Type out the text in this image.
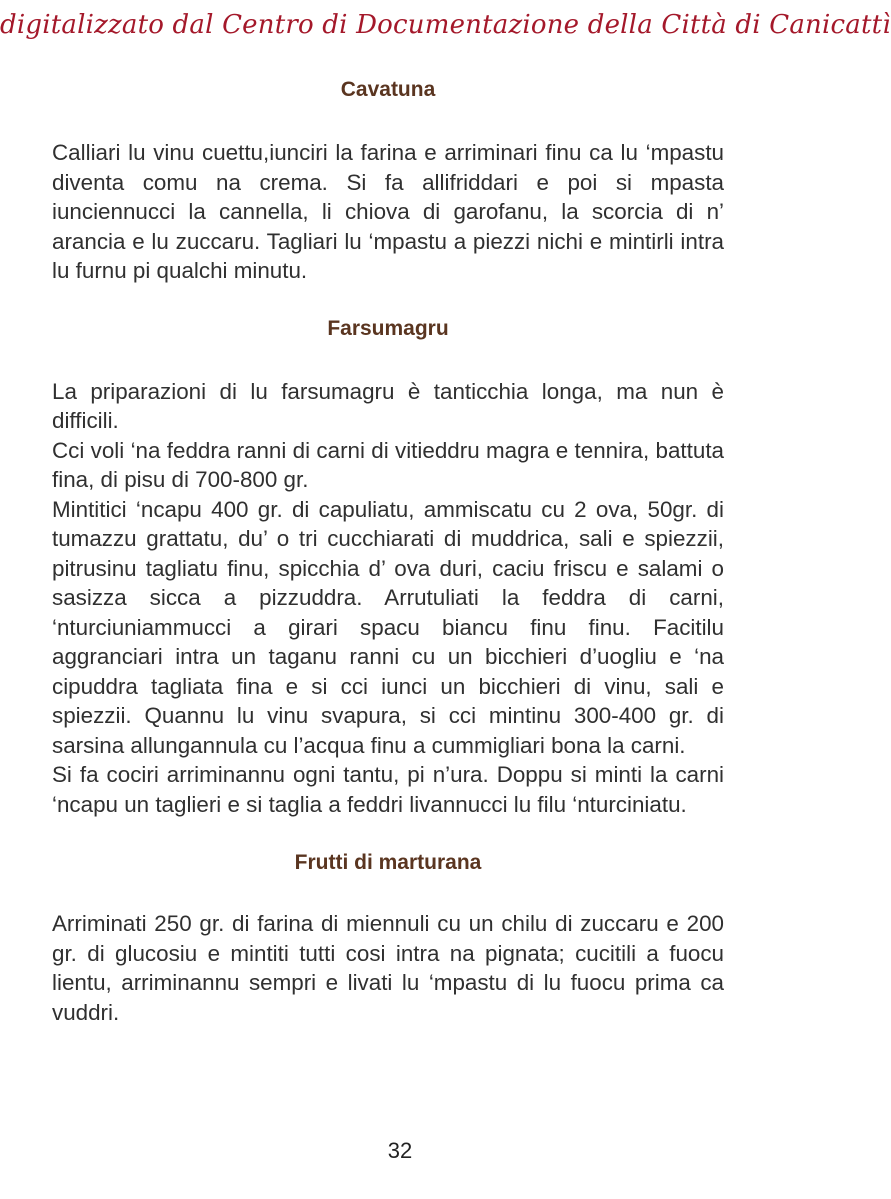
digitalizzato dal Centro di Documentazione della Città di Canicattì
Cavatuna

Calliari lu vinu cuettu,iunciri la farina e arriminari finu ca lu ‘mpastu diventa comu na crema. Si fa allifriddari e poi si mpasta iunciennucci la cannella, li chiova di garofanu, la scorcia di n’ arancia e lu zuccaru. Tagliari lu ‘mpastu a piezzi nichi e mintirli intra lu furnu pi qualchi minutu.

Farsumagru

La priparazioni di lu farsumagru è tanticchia longa, ma nun è difficili.

Cci voli ‘na feddra ranni di carni di vitieddru magra e tennira, battuta fina, di pisu di 700-800 gr.

Mintitici ‘ncapu 400 gr. di capuliatu, ammiscatu cu 2 ova, 50gr. di tumazzu grattatu, du’ o tri cucchiarati di muddrica, sali e spiezzii, pitrusinu tagliatu finu, spicchia d’ ova duri, caciu friscu e salami o sasizza sicca a pizzuddra. Arrutuliati la feddra di carni, ‘nturciuniammucci a girari spacu biancu finu finu. Facitilu aggranciari intra un taganu ranni cu un bicchieri d’uogliu e ‘na cipuddra tagliata fina e si cci iunci un bicchieri di vinu, sali e spiezzii. Quannu lu vinu svapura, si cci mintinu 300-400 gr. di sarsina allungannula cu l’acqua finu a cummigliari bona la carni.

Si fa cociri arriminannu ogni tantu, pi n’ura. Doppu si minti la carni ‘ncapu un taglieri e si taglia a feddri livannucci lu filu ‘nturciniatu.

Frutti di marturana

Arriminati 250 gr. di farina di miennuli cu un chilu di zuccaru e 200 gr. di glucosiu e mintiti tutti cosi intra na pignata; cucitili a fuocu lientu, arriminannu sempri e livati lu ‘mpastu di lu fuocu prima ca vuddri.

32
